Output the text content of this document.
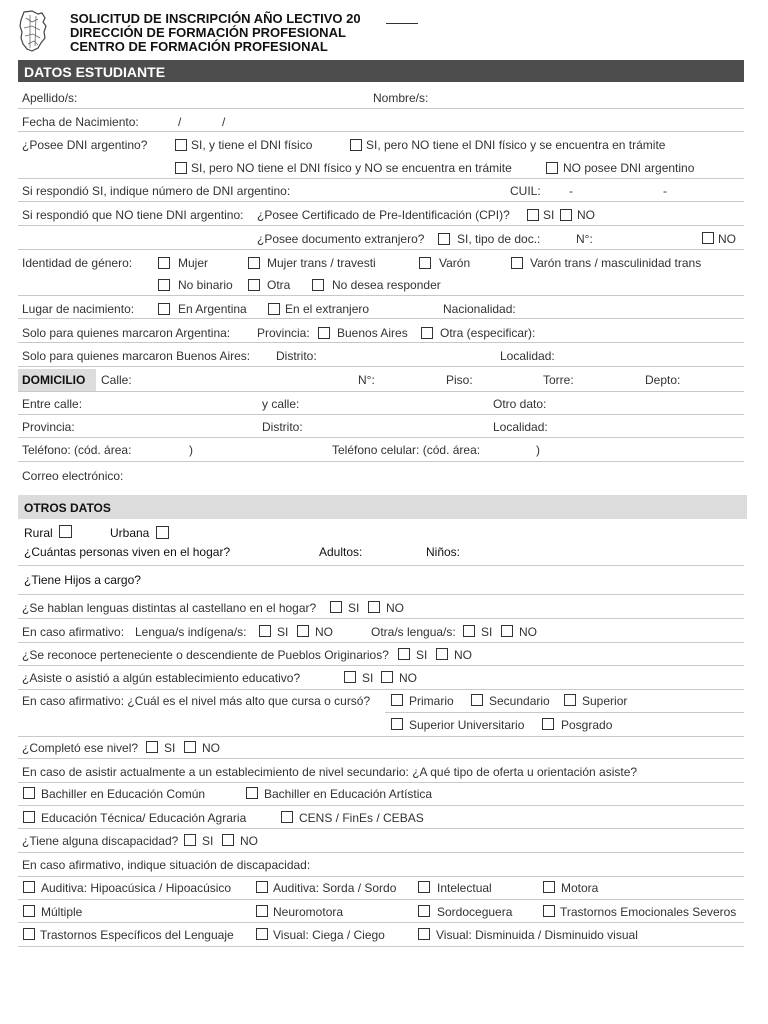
SOLICITUD DE INSCRIPCIÓN AÑO LECTIVO 20
DIRECCIÓN DE FORMACIÓN PROFESIONAL
CENTRO DE FORMACIÓN PROFESIONAL
DATOS ESTUDIANTE
Apellido/s:	Nombre/s:
Fecha de Nacimiento:	/	/
¿Posee DNI argentino?	SI, y tiene el DNI físico	SI, pero NO tiene el DNI físico y se encuentra en trámite
SI, pero NO tiene el DNI físico y NO se encuentra en trámite	NO posee DNI argentino
Si respondió SI, indique número de DNI argentino:	CUIL: -	-
Si respondió que NO tiene DNI argentino: ¿Posee Certificado de Pre-Identificación (CPI)?	SI NO
¿Posee documento extranjero?	SI, tipo de doc.:	N°:	NO
Identidad de género:	Mujer	Mujer trans / travesti	Varón	Varón trans / masculinidad trans
No binario	Otra	No desea responder
Lugar de nacimiento:	En Argentina	En el extranjero	Nacionalidad:
Solo para quienes marcaron Argentina: Provincia: Buenos Aires	Otra (especificar):
Solo para quienes marcaron Buenos Aires: Distrito:	Localidad:
DOMICILIO Calle:	N°:	Piso:	Torre:	Depto:
Entre calle:	y calle:	Otro dato:
Provincia:	Distrito:	Localidad:
Teléfono: (cód. área:	)	Teléfono celular: (cód. área:	)
Correo electrónico:
OTROS DATOS
Rural	Urbana
¿Cuántas personas viven en el hogar?	Adultos:	Niños:
¿Tiene Hijos a cargo?
¿Se hablan lenguas distintas al castellano en el hogar?	SI NO
En caso afirmativo: Lengua/s indígena/s:	SI NO	Otra/s lengua/s: SI NO
¿Se reconoce perteneciente o descendiente de Pueblos Originarios? SI NO
¿Asiste o asistió a algún establecimiento educativo?	SI NO
En caso afirmativo: ¿Cuál es el nivel más alto que cursa o cursó?	Primario	Secundario	Superior
Superior Universitario	Posgrado
¿Completó ese nivel? SI NO
En caso de asistir actualmente a un establecimiento de nivel secundario: ¿A qué tipo de oferta u orientación asiste?
Bachiller en Educación Común	Bachiller en Educación Artística
Educación Técnica/ Educación Agraria	CENS / FinEs / CEBAS
¿Tiene alguna discapacidad? SI NO
En caso afirmativo, indique situación de discapacidad:
Auditiva: Hipoacúsica / Hipoacúsico	Auditiva: Sorda / Sordo	Intelectual	Motora
Múltiple	Neuromotora	Sordoceguera	Trastornos Emocionales Severos
Trastornos Específicos del Lenguaje	Visual: Ciega / Ciego	Visual: Disminuida / Disminuido visual
